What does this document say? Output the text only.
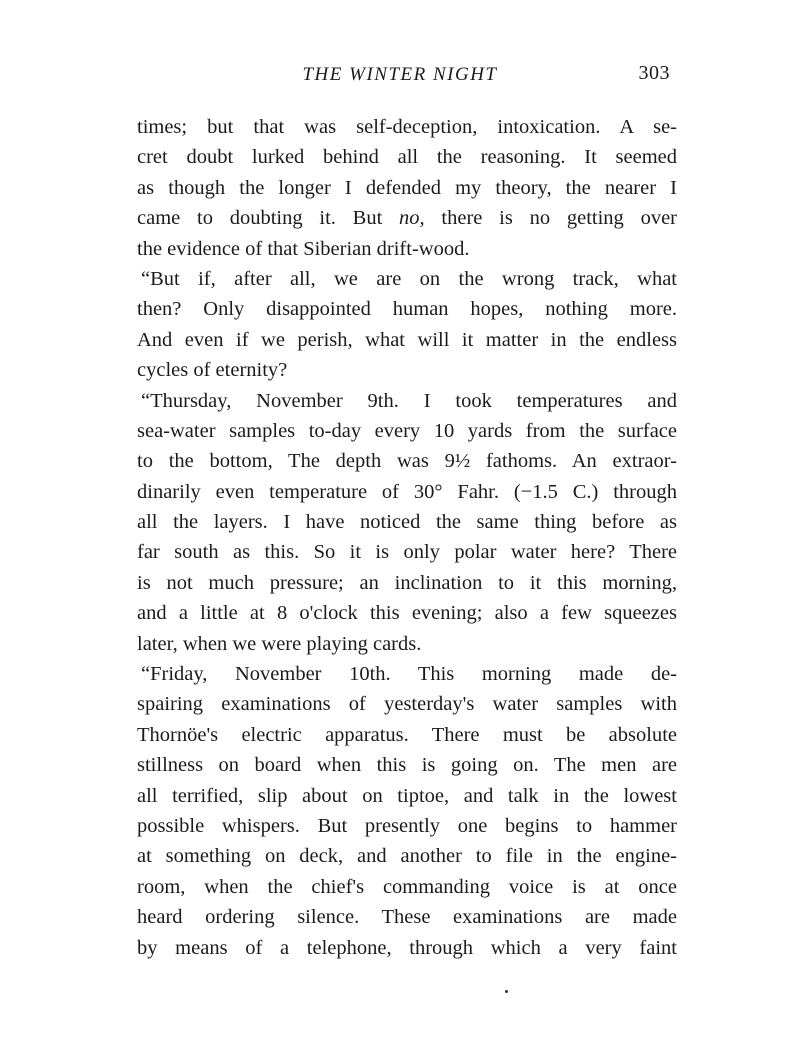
THE WINTER NIGHT	303
times; but that was self-deception, intoxication. A se-
cret doubt lurked behind all the reasoning. It seemed
as though the longer I defended my theory, the nearer I
came to doubting it. But no, there is no getting over
the evidence of that Siberian drift-wood.
“But if, after all, we are on the wrong track, what
then? Only disappointed human hopes, nothing more.
And even if we perish, what will it matter in the endless
cycles of eternity?
“Thursday, November 9th. I took temperatures and
sea-water samples to-day every 10 yards from the surface
to the bottom, The depth was 9½ fathoms. An extraor-
dinarily even temperature of 30° Fahr. (−1.5 C.) through
all the layers. I have noticed the same thing before as
far south as this. So it is only polar water here? There
is not much pressure; an inclination to it this morning,
and a little at 8 o'clock this evening; also a few squeezes
later, when we were playing cards.
“Friday, November 10th. This morning made de-
spairing examinations of yesterday's water samples with
Thornöe's electric apparatus. There must be absolute
stillness on board when this is going on. The men are
all terrified, slip about on tiptoe, and talk in the lowest
possible whispers. But presently one begins to hammer
at something on deck, and another to file in the engine-
room, when the chief's commanding voice is at once
heard ordering silence. These examinations are made
by means of a telephone, through which a very faint
